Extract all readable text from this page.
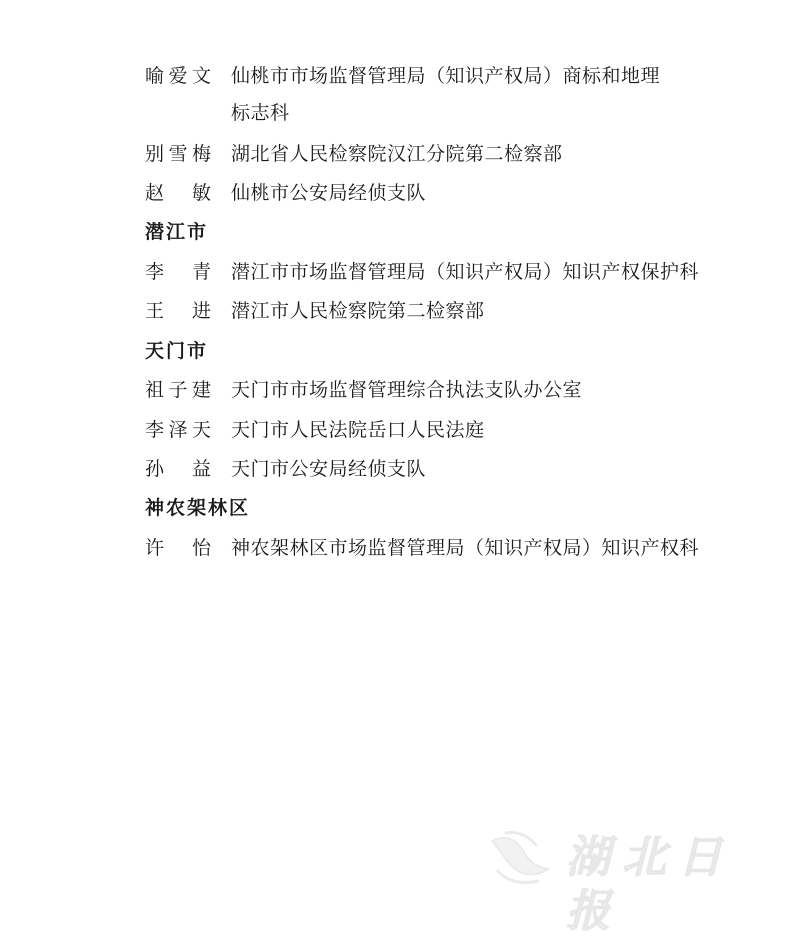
喻 爱 文 仙桃市市场监督管理局（知识产权局）商标和地理
标志科
别 雪 梅 湖北省人民检察院汉江分院第二检察部
赵 敏 仙桃市公安局经侦支队
潜江市
李 青 潜江市市场监督管理局（知识产权局）知识产权保护科
王 进 潜江市人民检察院第二检察部
天门市
祖 子 建 天门市市场监督管理综合执法支队办公室
李 泽 天 天门市人民法院岳口人民法庭
孙 益 天门市公安局经侦支队
神农架林区
许 怡 神农架林区市场监督管理局（知识产权局）知识产权科
湖北日报
